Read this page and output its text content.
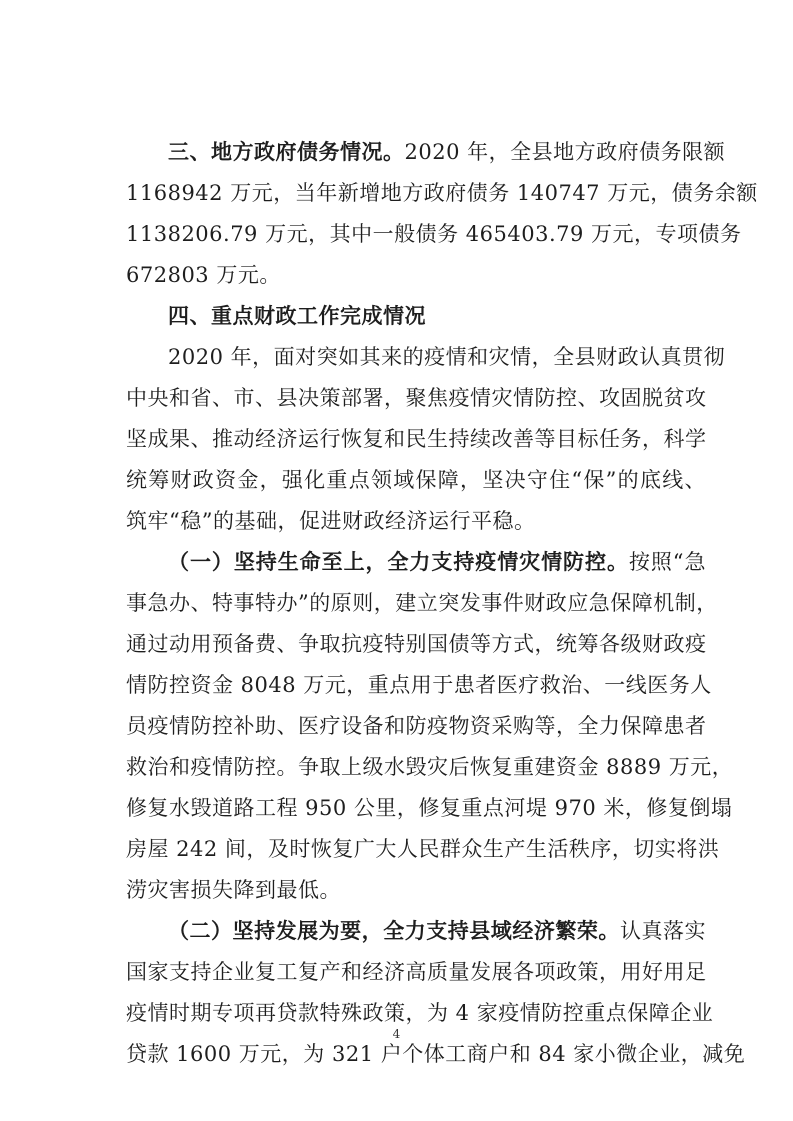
三、地方政府债务情况。2020 年，全县地方政府债务限额
1168942 万元，当年新增地方政府债务 140747 万元，债务余额
1138206.79 万元，其中一般债务 465403.79 万元，专项债务

672803 万元。

四、重点财政工作完成情况

2020 年，面对突如其来的疫情和灾情，全县财政认真贯彻
中央和省、市、县决策部署，聚焦疫情灾情防控、攻固脱贫攻
坚成果、推动经济运行恢复和民生持续改善等目标任务，科学
统筹财政资金，强化重点领域保障，坚决守住“保”的底线、

筑牢“稳”的基础，促进财政经济运行平稳。

（一）坚持生命至上，全力支持疫情灾情防控。按照“急
事急办、特事特办”的原则，建立突发事件财政应急保障机制，
通过动用预备费、争取抗疫特别国债等方式，统筹各级财政疫
情防控资金 8048 万元，重点用于患者医疗救治、一线医务人
员疫情防控补助、医疗设备和防疫物资采购等，全力保障患者
救治和疫情防控。争取上级水毁灾后恢复重建资金 8889 万元，
修复水毁道路工程 950 公里，修复重点河堤 970 米，修复倒塌
房屋 242 间，及时恢复广大人民群众生产生活秩序，切实将洪

涝灾害损失降到最低。

（二）坚持发展为要，全力支持县域经济繁荣。认真落实
国家支持企业复工复产和经济高质量发展各项政策，用好用足
疫情时期专项再贷款特殊政策，为 4 家疫情防控重点保障企业
贷款 1600 万元，为 321 户个体工商户和 84 家小微企业，减免

4
